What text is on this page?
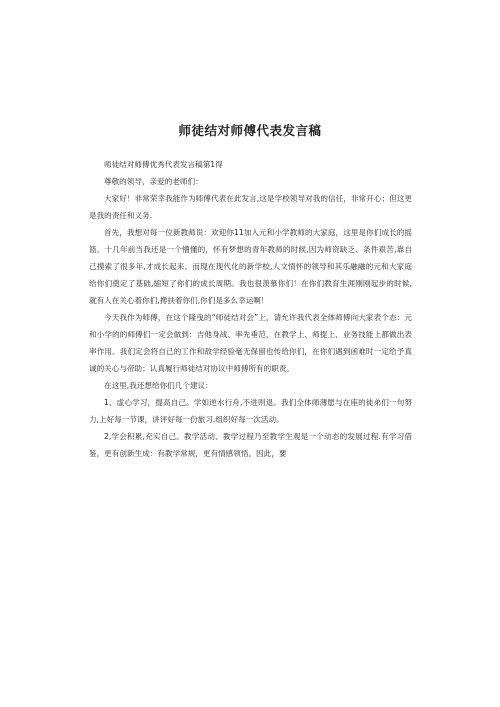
师徒结对师傅代表发言稿

师徒结对师傅优秀代表发言稿第1得

尊敬的领导，亲爱的老师们：

大家好！非常荣幸我能作为师傅代表在此发言,这是学校领导对我的信任，非常开心；但这更是我的责任和义务.

首先，我想对每一位新教师说：欢迎你11加入元和小学教师的大家庭，这里是你们成长的摇篮。十几年前当我还是一个懵懂的，怀有梦想的青年教师的时候,因为师资缺乏、条件艰苦,靠自己摸索了很多年,才成长起来。而现在现代化的新学校,人文情怀的领导和其乐融融的元和大家庭给你们奠定了基础,缩短了你们的成长周期。我也很羡慕你们！在你们教育生涯刚刚起步的时候,就有人在关心着你们,搀扶着你们,你们是多么幸运啊！

今天我作为师傅，在这个隆曳的“师徒结对会”上，请允许我代表全体师傅向大家表个态：元和小学的的师傅们一定会做到：吉他身战、率先垂范，在教学上、师提上、业务技能上都做出表率作用。我们定会将自己的工作和敌学经验毫无保留也传给你们，在你们遇到函难时一定给予真诚的关心与帝助；认真履行师徒结对协议中师傅所有的职责。

在这里,我还想给你们几个建议：

1、虚心学习，提高自己。学如逆水行舟,不进则退。我们全体师薄愿与在座的徒弟们一句努力,上好每一节课，讲评好每一份旅习.组织好每一次活动。

2,学会积累,充实自己。教学活动、教学过程乃至教学生观是一个动态的发展过程.有学习借鉴，更有创新生成：有教学常规，更有情感领悟。因此，要
